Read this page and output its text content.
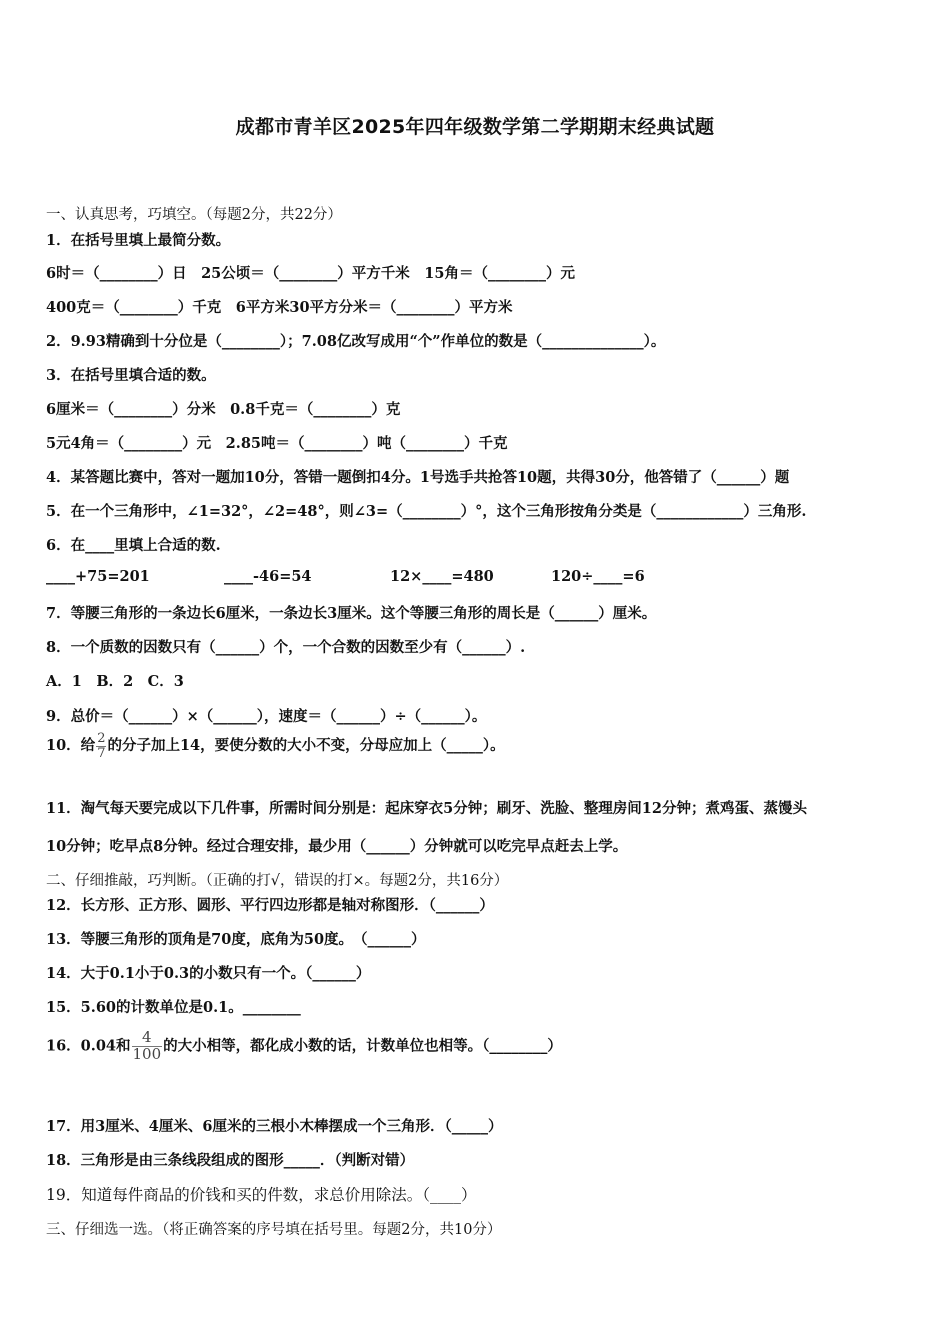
成都市青羊区2025年四年级数学第二学期期末经典试题
一、认真思考，巧填空。（每题2分，共22分）
1．在括号里填上最简分数。
6时＝（________）日　25公顷＝（________）平方千米　15角＝（________）元
400克＝（________）千克　6平方米30平方分米＝（________）平方米
2．9.93精确到十分位是（________）；7.08亿改写成用“个”作单位的数是（______________）。
3．在括号里填合适的数。
6厘米＝（________）分米　0.8千克＝（________）克
5元4角＝（________）元　2.85吨＝（________）吨（________）千克
4．某答题比赛中，答对一题加10分，答错一题倒扣4分。1号选手共抢答10题，共得30分，他答错了（______）题
5．在一个三角形中，∠1=32°，∠2=48°，则∠3=（________）°，这个三角形按角分类是（____________）三角形.
6．在____里填上合适的数.
____+75=201	____-46=54	12×____=480	120÷____=6
7．等腰三角形的一条边长6厘米，一条边长3厘米。这个等腰三角形的周长是（______）厘米。
8．一个质数的因数只有（______）个，一个合数的因数至少有（______）.
A．1　B．2　C．3
9．总价＝（______）×（______），速度＝（______）÷（______）。
10．给 $\frac{2}{7}$ 的分子加上14，要使分数的大小不变，分母应加上（_____）。
11．淘气每天要完成以下几件事，所需时间分别是：起床穿衣5分钟；刷牙、洗脸、整理房间12分钟；煮鸡蛋、蒸馒头
10分钟；吃早点8分钟。经过合理安排，最少用（______）分钟就可以吃完早点赶去上学。
二、仔细推敲，巧判断。（正确的打√，错误的打×。每题2分，共16分）
12．长方形、正方形、圆形、平行四边形都是轴对称图形．（______）
13．等腰三角形的顶角是70度，底角为50度。　（______）
14．大于0.1小于0.3的小数只有一个。（______）
15．5.60的计数单位是0.1。________
16．0.04和 $\frac{4}{100}$ 的大小相等，都化成小数的话，计数单位也相等。（________）
17．用3厘米、4厘米、6厘米的三根小木棒摆成一个三角形．（_____）
18．三角形是由三条线段组成的图形_____．（判断对错）
19．知道每件商品的价钱和买的件数，求总价用除法。（____）
三、仔细选一选。（将正确答案的序号填在括号里。每题2分，共10分）
